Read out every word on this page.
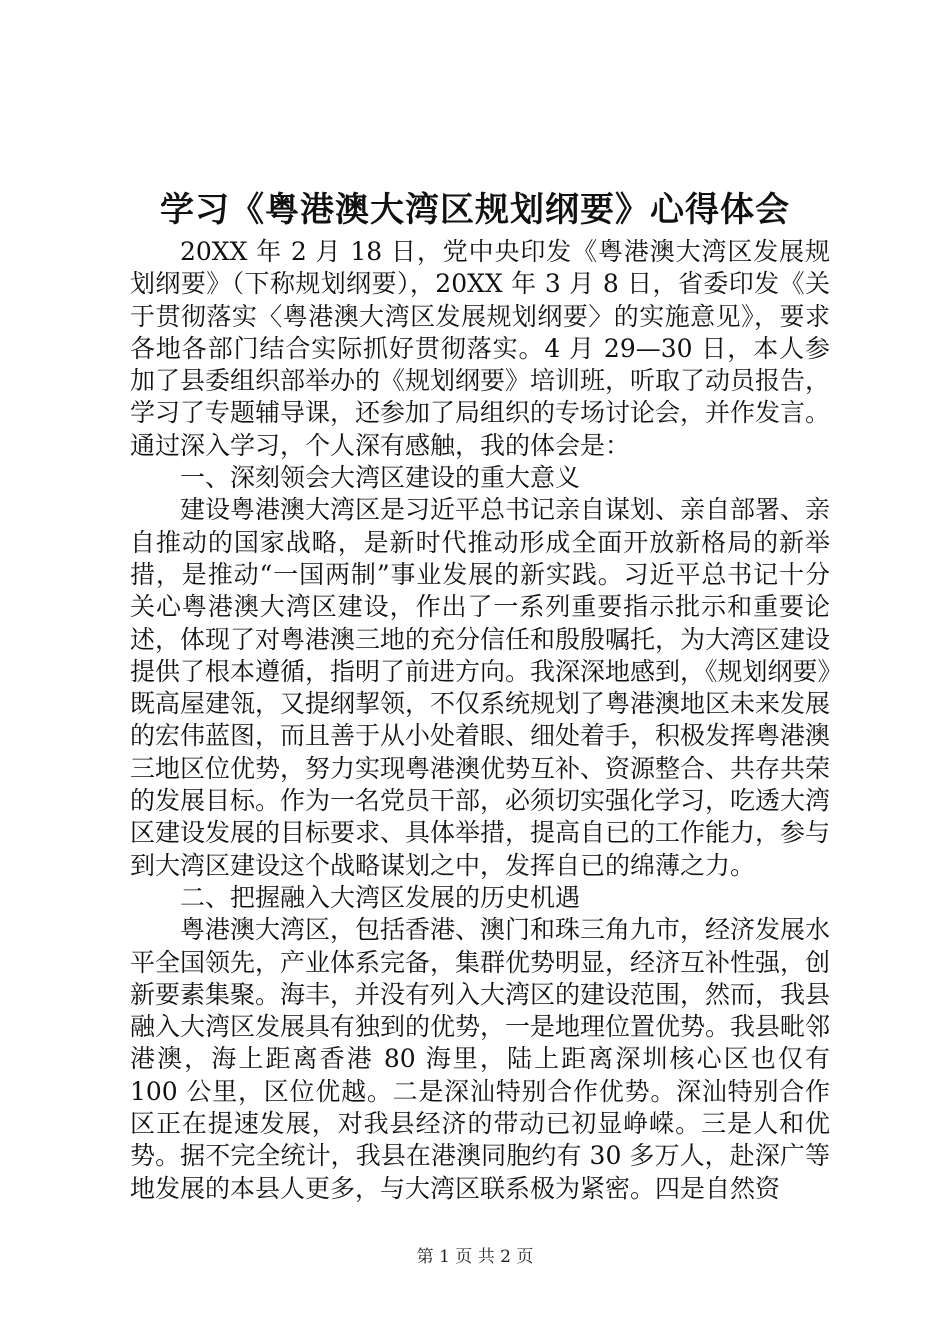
学习《粤港澳大湾区规划纲要》心得体会

20XX 年 2 月 18 日，党中央印发《粤港澳大湾区发展规划纲要》（下称规划纲要），20XX 年 3 月 8 日，省委印发《关于贯彻落实〈粤港澳大湾区发展规划纲要〉的实施意见》，要求各地各部门结合实际抓好贯彻落实。4 月 29—30 日，本人参加了县委组织部举办的《规划纲要》培训班，听取了动员报告，学习了专题辅导课，还参加了局组织的专场讨论会，并作发言。通过深入学习，个人深有感触，我的体会是：

一、深刻领会大湾区建设的重大意义

建设粤港澳大湾区是习近平总书记亲自谋划、亲自部署、亲自推动的国家战略，是新时代推动形成全面开放新格局的新举措，是推动“一国两制”事业发展的新实践。习近平总书记十分关心粤港澳大湾区建设，作出了一系列重要指示批示和重要论述，体现了对粤港澳三地的充分信任和殷殷嘱托，为大湾区建设提供了根本遵循，指明了前进方向。我深深地感到，《规划纲要》既高屋建瓴，又提纲挈领，不仅系统规划了粤港澳地区未来发展的宏伟蓝图，而且善于从小处着眼、细处着手，积极发挥粤港澳三地区位优势，努力实现粤港澳优势互补、资源整合、共存共荣的发展目标。作为一名党员干部，必须切实强化学习，吃透大湾区建设发展的目标要求、具体举措，提高自已的工作能力，参与到大湾区建设这个战略谋划之中，发挥自已的绵薄之力。

二、把握融入大湾区发展的历史机遇

粤港澳大湾区，包括香港、澳门和珠三角九市，经济发展水平全国领先，产业体系完备，集群优势明显，经济互补性强，创新要素集聚。海丰，并没有列入大湾区的建设范围，然而，我县融入大湾区发展具有独到的优势，一是地理位置优势。我县毗邻港澳，海上距离香港 80 海里，陆上距离深圳核心区也仅有 100 公里，区位优越。二是深汕特别合作优势。深汕特别合作区正在提速发展，对我县经济的带动已初显峥嵘。三是人和优势。据不完全统计，我县在港澳同胞约有 30 多万人，赴深广等地发展的本县人更多，与大湾区联系极为紧密。四是自然资

第 1 页 共 2 页
